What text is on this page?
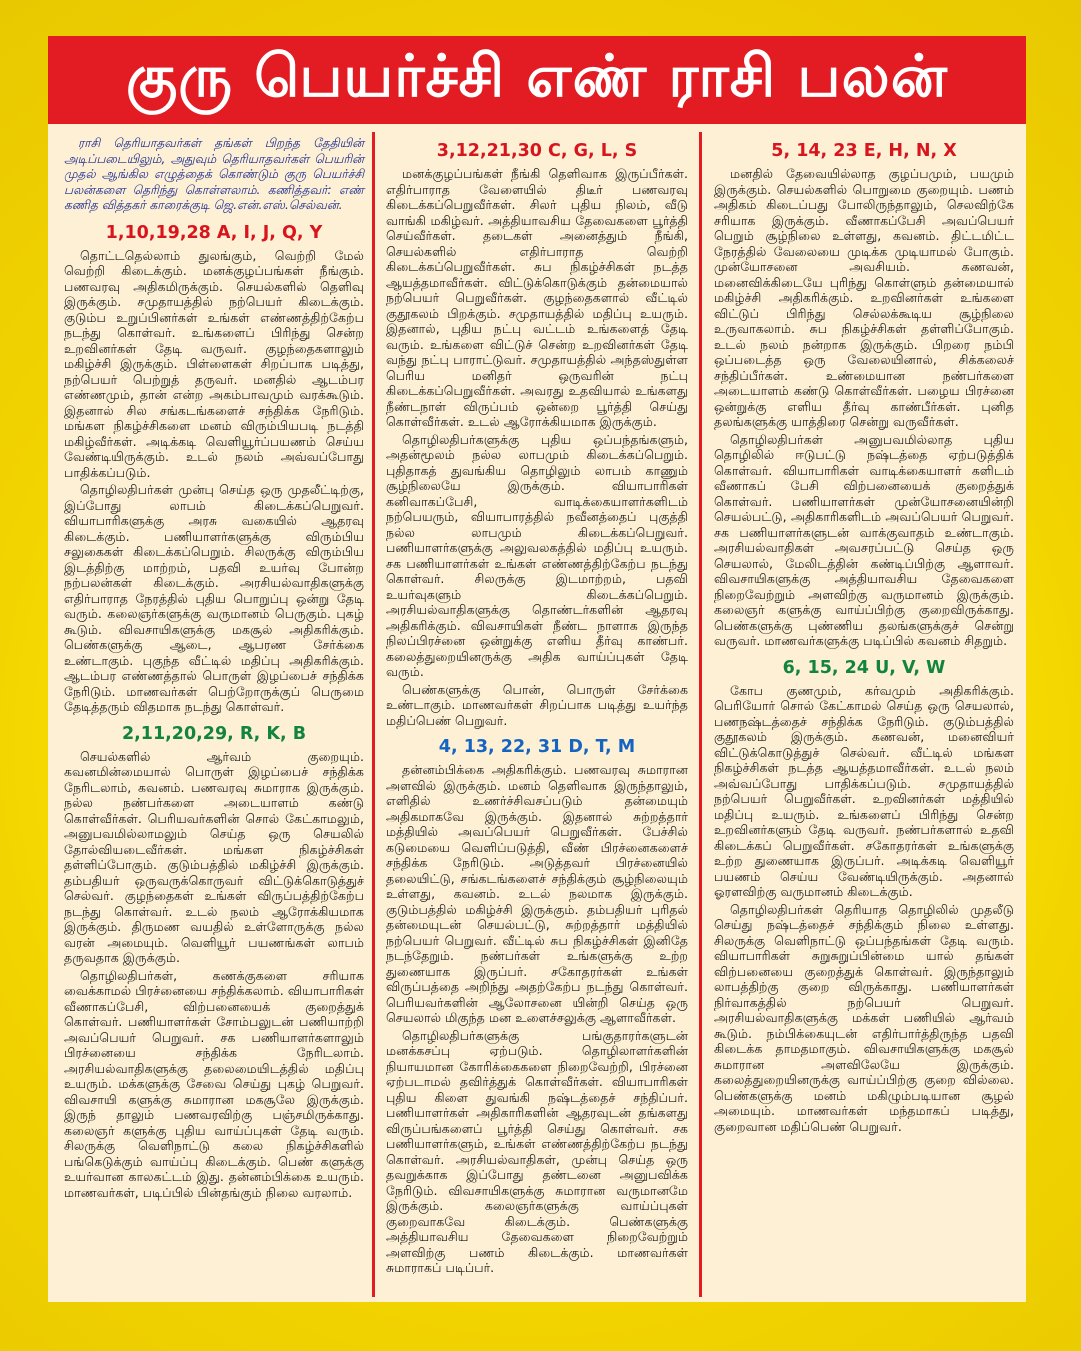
குரு பெயர்ச்சி எண் ராசி பலன்
ராசி தெரியாதவர்கள் தங்கள் பிறந்த தேதியின் அடிப்படையிலும், அதுவும் தெரியாதவர்கள் பெயரின் முதல் ஆங்கில எழுத்தைக் கொண்டும் குரு பெயர்ச்சி பலன்களை தெரிந்து கொள்ளலாம். கணித்தவர்: எண் கணித வித்தகர் காரைக்குடி ஜெ.என்.எஸ்.செல்வன்.
1,10,19,28 A, I, J, Q, Y

தொட்டதெல்லாம் துலங்கும், வெற்றி மேல் வெற்றி கிடைக்கும். மனக்குழப்பங்கள் நீங்கும். பணவரவு அதிகமிருக்கும். செயல்களில் தெளிவு இருக்கும். சமுதாயத்தில் நற்பெயர் கிடைக்கும். குடும்ப உறுப்பினர்கள் உங்கள் எண்ணத்திற்கேற்ப நடந்து கொள்வர். உங்களைப் பிரிந்து சென்ற உறவினர்கள் தேடி வருவர். குழந்தைகளாலும் மகிழ்ச்சி இருக்கும். பிள்ளைகள் சிறப்பாக படித்து, நற்பெயர் பெற்றுத் தருவர். மனதில் ஆடம்பர எண்ணமும், தான் என்ற அகம்பாவமும் வரக்கூடும். இதனால் சில சங்கடங்களைச் சந்திக்க நேரிடும். மங்கள நிகழ்ச்சிகளை மனம் விரும்பியபடி நடத்தி மகிழ்வீர்கள். அடிக்கடி வெளியூர்ப்பயணம் செய்ய வேண்டியிருக்கும். உடல் நலம் அவ்வப்போது பாதிக்கப்படும்.

தொழிலதிபர்கள் முன்பு செய்த ஒரு முதலீட்டிற்கு, இப்போது லாபம் கிடைக்கப்பெறுவர். வியாபாரிகளுக்கு அரசு வகையில் ஆதரவு கிடைக்கும். பணியாளர்களுக்கு விரும்பிய சலுகைகள் கிடைக்கப்பெறும். சிலருக்கு விரும்பிய இடத்திற்கு மாற்றம், பதவி உயர்வு போன்ற நற்பலன்கள் கிடைக்கும். அரசியல்வாதிகளுக்கு எதிர்பாராத நேரத்தில் புதிய பொறுப்பு ஒன்று தேடி வரும். கலைஞர்களுக்கு வருமானம் பெருகும். புகழ் கூடும். விவசாயிகளுக்கு மகசூல் அதிகரிக்கும். பெண்களுக்கு ஆடை, ஆபரண சேர்க்கை உண்டாகும். புகுந்த வீட்டில் மதிப்பு அதிகரிக்கும். ஆடம்பர எண்ணத்தால் பொருள் இழப்பைச் சந்திக்க நேரிடும். மாணவர்கள் பெற்றோருக்குப் பெருமை தேடித்தரும் விதமாக நடந்து கொள்வர்.

2,11,20,29, R, K, B

செயல்களில் ஆர்வம் குறையும். கவனமின்மையால் பொருள் இழப்பைச் சந்திக்க நேரிடலாம், கவனம். பணவரவு சுமாராக இருக்கும். நல்ல நண்பர்களை அடையாளம் கண்டு கொள்வீர்கள். பெரியவர்களின் சொல் கேட்காமலும், அனுபவமில்லாமலும் செய்த ஒரு செயலில் தோல்வியடைவீர்கள். மங்கள நிகழ்ச்சிகள் தள்ளிப்போகும். குடும்பத்தில் மகிழ்ச்சி இருக்கும். தம்பதியர் ஒருவருக்கொருவர் விட்டுக்கொடுத்துச் செல்வர். குழந்தைகள் உங்கள் விருப்பத்திற்கேற்ப நடந்து கொள்வர். உடல் நலம் ஆரோக்கியமாக இருக்கும். திருமண வயதில் உள்ளோருக்கு நல்ல வரன் அமையும். வெளியூர் பயணங்கள் லாபம் தருவதாக இருக்கும்.

தொழிலதிபர்கள், கணக்குகளை சரியாக வைக்காமல் பிரச்னையை சந்திக்கலாம். வியாபாரிகள் வீணாகப்பேசி, விற்பனையைக் குறைத்துக் கொள்வர். பணியாளர்கள் சோம்பலுடன் பணியாற்றி அவப்பெயர் பெறுவர். சக பணியாளர்களாலும் பிரச்னையை சந்திக்க நேரிடலாம். அரசியல்வாதிகளுக்கு தலைமையிடத்தில் மதிப்பு உயரும். மக்களுக்கு சேவை செய்து புகழ் பெறுவர். விவசாயி களுக்கு சுமாரான மகசூலே இருக்கும். இருந் தாலும் பணவரவிற்கு பஞ்சமிருக்காது. கலைஞர் களுக்கு புதிய வாய்ப்புகள் தேடி வரும். சிலருக்கு வெளிநாட்டு கலை நிகழ்ச்சிகளில் பங்கெடுக்கும் வாய்ப்பு கிடைக்கும். பெண் களுக்கு உயர்வான காலகட்டம் இது. தன்னம்பிக்கை உயரும். மாணவர்கள், படிப்பில் பின்தங்கும் நிலை வரலாம்.

3,12,21,30 C, G, L, S

மனக்குழப்பங்கள் நீங்கி தெளிவாக இருப்பீர்கள். எதிர்பாராத வேளையில் திடீர் பணவரவு கிடைக்கப்பெறுவீர்கள். சிலர் புதிய நிலம், வீடு வாங்கி மகிழ்வர். அத்தியாவசிய தேவைகளை பூர்த்தி செய்வீர்கள். தடைகள் அனைத்தும் நீங்கி, செயல்களில் எதிர்பாராத வெற்றி கிடைக்கப்பெறுவீர்கள். சுப நிகழ்ச்சிகள் நடத்த ஆயத்தமாவீர்கள். விட்டுக்கொடுக்கும் தன்மையால் நற்பெயர் பெறுவீர்கள். குழந்தைகளால் வீட்டில் குதூகலம் பிறக்கும். சமுதாயத்தில் மதிப்பு உயரும். இதனால், புதிய நட்பு வட்டம் உங்களைத் தேடி வரும். உங்களை விட்டுச் சென்ற உறவினர்கள் தேடி வந்து நட்பு பாராட்டுவர். சமுதாயத்தில் அந்தஸ்துள்ள பெரிய மனிதர் ஒருவரின் நட்பு கிடைக்கப்பெறுவீர்கள். அவரது உதவியால் உங்களது நீண்டநாள் விருப்பம் ஒன்றை பூர்த்தி செய்து கொள்வீர்கள். உடல் ஆரோக்கியமாக இருக்கும்.

தொழிலதிபர்களுக்கு புதிய ஒப்பந்தங்களும், அதன்மூலம் நல்ல லாபமும் கிடைக்கப்பெறும். புதிதாகத் துவங்கிய தொழிலும் லாபம் காணும் சூழ்நிலையே இருக்கும். வியாபாரிகள் கனிவாகப்பேசி, வாடிக்கையாளர்களிடம் நற்பெயரும், வியாபாரத்தில் நவீனத்தைப் புகுத்தி நல்ல லாபமும் கிடைக்கப்பெறுவர். பணியாளர்களுக்கு அலுவலகத்தில் மதிப்பு உயரும். சக பணியாளர்கள் உங்கள் எண்ணத்திற்கேற்ப நடந்து கொள்வர். சிலருக்கு இடமாற்றம், பதவி உயர்வுகளும் கிடைக்கப்பெறும். அரசியல்வாதிகளுக்கு தொண்டர்களின் ஆதரவு அதிகரிக்கும். விவசாயிகள் நீண்ட நாளாக இருந்த நிலப்பிரச்னை ஒன்றுக்கு எளிய தீர்வு காண்பர். கலைத்துறையினருக்கு அதிக வாய்ப்புகள் தேடி வரும்.

பெண்களுக்கு பொன், பொருள் சேர்க்கை உண்டாகும். மாணவர்கள் சிறப்பாக படித்து உயர்ந்த மதிப்பெண் பெறுவர்.

4, 13, 22, 31 D, T, M

தன்னம்பிக்கை அதிகரிக்கும். பணவரவு சுமாரான அளவில் இருக்கும். மனம் தெளிவாக இருந்தாலும், எளிதில் உணர்ச்சிவசப்படும் தன்மையும் அதிகமாகவே இருக்கும். இதனால் சுற்றத்தார் மத்தியில் அவப்பெயர் பெறுவீர்கள். பேச்சில் கடுமையை வெளிப்படுத்தி, வீண் பிரச்னைகளைச் சந்திக்க நேரிடும். அடுத்தவர் பிரச்னையில் தலையிட்டு, சங்கடங்களைச் சந்திக்கும் சூழ்நிலையும் உள்ளது, கவனம். உடல் நலமாக இருக்கும். குடும்பத்தில் மகிழ்ச்சி இருக்கும். தம்பதியர் புரிதல் தன்மையுடன் செயல்பட்டு, சுற்றத்தார் மத்தியில் நற்பெயர் பெறுவர். வீட்டில் சுப நிகழ்ச்சிகள் இனிதே நடந்தேறும். நண்பர்கள் உங்களுக்கு உற்ற துணையாக இருப்பர். சகோதரர்கள் உங்கள் விருப்பத்தை அறிந்து அதற்கேற்ப நடந்து கொள்வர். பெரியவர்களின் ஆலோசனை யின்றி செய்த ஒரு செயலால் மிகுந்த மன உளைச்சலுக்கு ஆளாவீர்கள்.

தொழிலதிபர்களுக்கு பங்குதாரர்களுடன் மனக்கசப்பு ஏற்படும். தொழிலாளர்களின் நியாயமான கோரிக்கைகளை நிறைவேற்றி, பிரச்னை ஏற்படாமல் தவிர்த்துக் கொள்வீர்கள். வியாபாரிகள் புதிய கிளை துவங்கி நஷ்டத்தைச் சந்திப்பர். பணியாளர்கள் அதிகாரிகளின் ஆதரவுடன் தங்களது விருப்பங்களைப் பூர்த்தி செய்து கொள்வர். சக பணியாளர்களும், உங்கள் எண்ணத்திற்கேற்ப நடந்து கொள்வர். அரசியல்வாதிகள், முன்பு செய்த ஒரு தவறுக்காக இப்போது தண்டனை அனுபவிக்க நேரிடும். விவசாயிகளுக்கு சுமாரான வருமானமே இருக்கும். கலைஞர்களுக்கு வாய்ப்புகள் குறைவாகவே கிடைக்கும். பெண்களுக்கு அத்தியாவசிய தேவைகளை நிறைவேற்றும் அளவிற்கு பணம் கிடைக்கும். மாணவர்கள் சுமாராகப் படிப்பர்.

5, 14, 23 E, H, N, X

மனதில் தேவையில்லாத குழப்பமும், பயமும் இருக்கும். செயல்களில் பொறுமை குறையும். பணம் அதிகம் கிடைப்பது போலிருந்தாலும், செலவிற்கே சரியாக இருக்கும். வீணாகப்பேசி அவப்பெயர் பெறும் சூழ்நிலை உள்ளது, கவனம். திட்டமிட்ட நேரத்தில் வேலையை முடிக்க முடியாமல் போகும். முன்யோசனை அவசியம். கணவன், மனைவிக்கிடையே புரிந்து கொள்ளும் தன்மையால் மகிழ்ச்சி அதிகரிக்கும். உறவினர்கள் உங்களை விட்டுப் பிரிந்து செல்லக்கூடிய சூழ்நிலை உருவாகலாம். சுப நிகழ்ச்சிகள் தள்ளிப்போகும். உடல் நலம் நன்றாக இருக்கும். பிறரை நம்பி ஒப்படைத்த ஒரு வேலையினால், சிக்கலைச் சந்திப்பீர்கள். உண்மையான நண்பர்களை அடையாளம் கண்டு கொள்வீர்கள். பழைய பிரச்னை ஒன்றுக்கு எளிய தீர்வு காண்பீர்கள். புனித தலங்களுக்கு யாத்திரை சென்று வருவீர்கள்.

தொழிலதிபர்கள் அனுபவமில்லாத புதிய தொழிலில் ஈடுபட்டு நஷ்டத்தை ஏற்படுத்திக் கொள்வர். வியாபாரிகள் வாடிக்கையாளர் களிடம் வீணாகப் பேசி விற்பனையைக் குறைத்துக் கொள்வர். பணியாளர்கள் முன்யோசனையின்றி செயல்பட்டு, அதிகாரிகளிடம் அவப்பெயர் பெறுவர். சக பணியாளர்களுடன் வாக்குவாதம் உண்டாகும். அரசியல்வாதிகள் அவசரப்பட்டு செய்த ஒரு செயலால், மேலிடத்தின் கண்டிப்பிற்கு ஆளாவர். விவசாயிகளுக்கு அத்தியாவசிய தேவைகளை நிறைவேற்றும் அளவிற்கு வருமானம் இருக்கும். கலைஞர் களுக்கு வாய்ப்பிற்கு குறைவிருக்காது. பெண்களுக்கு புண்ணிய தலங்களுக்குச் சென்று வருவர். மாணவர்களுக்கு படிப்பில் கவனம் சிதறும்.

6, 15, 24 U, V, W

கோப குணமும், கர்வமும் அதிகரிக்கும். பெரியோர் சொல் கேட்காமல் செய்த ஒரு செயலால், பணநஷ்டத்தைச் சந்திக்க நேரிடும். குடும்பத்தில் குதூகலம் இருக்கும். கணவன், மனைவியர் விட்டுக்கொடுத்துச் செல்வர். வீட்டில் மங்கள நிகழ்ச்சிகள் நடத்த ஆயத்தமாவீர்கள். உடல் நலம் அவ்வப்போது பாதிக்கப்படும். சமுதாயத்தில் நற்பெயர் பெறுவீர்கள். உறவினர்கள் மத்தியில் மதிப்பு உயரும். உங்களைப் பிரிந்து சென்ற உறவினர்களும் தேடி வருவர். நண்பர்களால் உதவி கிடைக்கப் பெறுவீர்கள். சகோதரர்கள் உங்களுக்கு உற்ற துணையாக இருப்பர். அடிக்கடி வெளியூர் பயணம் செய்ய வேண்டியிருக்கும். அதனால் ஓரளவிற்கு வருமானம் கிடைக்கும்.

தொழிலதிபர்கள் தெரியாத தொழிலில் முதலீடு செய்து நஷ்டத்தைச் சந்திக்கும் நிலை உள்ளது. சிலருக்கு வெளிநாட்டு ஒப்பந்தங்கள் தேடி வரும். வியாபாரிகள் சுறுசுறுப்பின்மை யால் தங்கள் விற்பனையை குறைத்துக் கொள்வர். இருந்தாலும் லாபத்திற்கு குறை விருக்காது. பணியாளர்கள் நிர்வாகத்தில் நற்பெயர் பெறுவர். அரசியல்வாதிகளுக்கு மக்கள் பணியில் ஆர்வம் கூடும். நம்பிக்கையுடன் எதிர்பார்த்திருந்த பதவி கிடைக்க தாமதமாகும். விவசாயிகளுக்கு மகசூல் சுமாரான அளவிலேயே இருக்கும். கலைத்துறையினருக்கு வாய்ப்பிற்கு குறை வில்லை. பெண்களுக்கு மனம் மகிழும்படியான சூழல் அமையும். மாணவர்கள் மந்தமாகப் படித்து, குறைவான மதிப்பெண் பெறுவர்.
